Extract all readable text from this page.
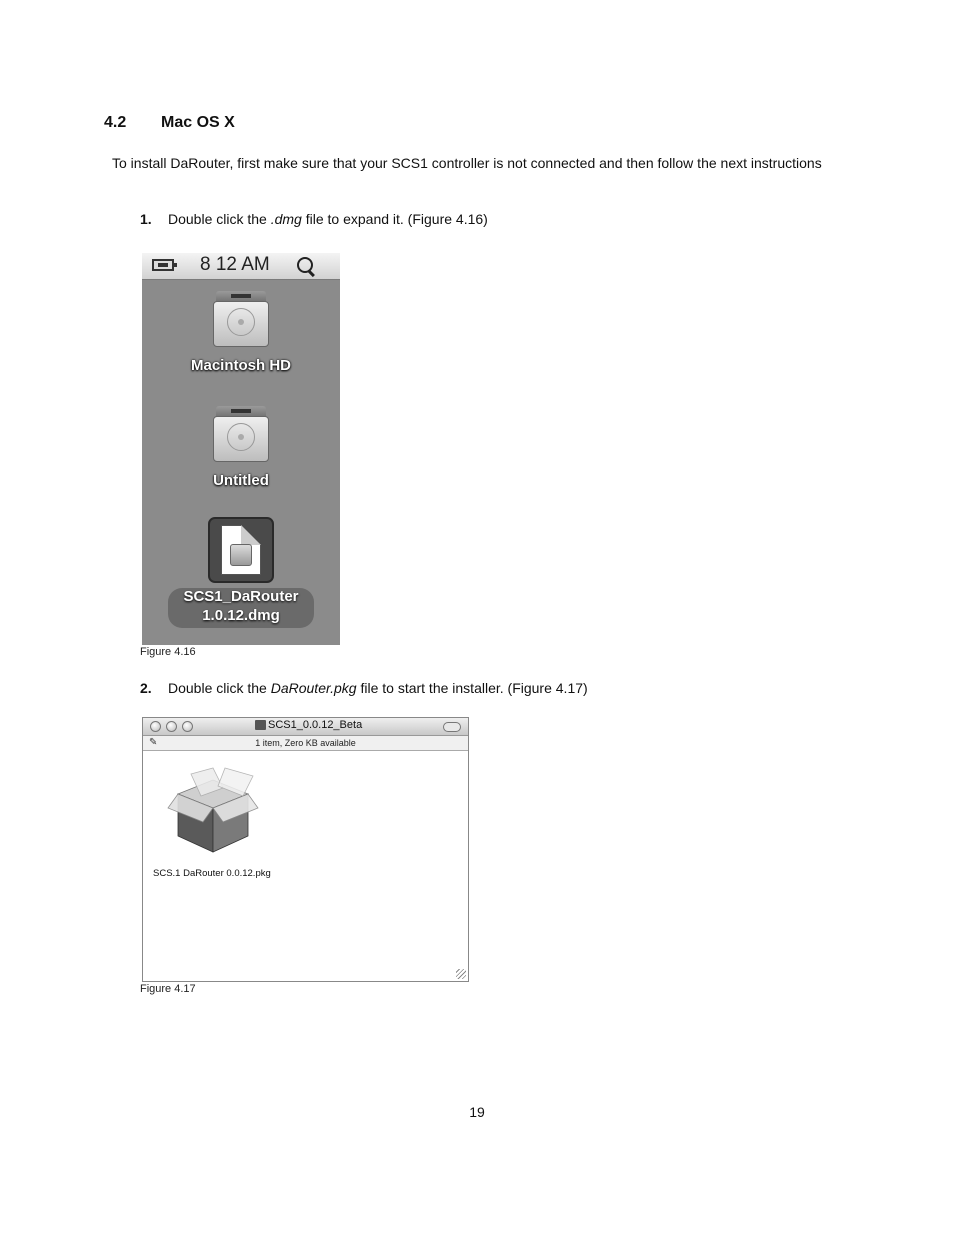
4.2	Mac OS X
To install DaRouter, first make sure that your SCS1 controller is not connected and then follow the next instructions
1.	Double click the .dmg file to expand it. (Figure 4.16)
8 12 AM
Macintosh HD
Untitled
SCS1_DaRouter
1.0.12.dmg
Figure 4.16
2.	Double click the DaRouter.pkg file to start the installer. (Figure 4.17)
SCS1_0.0.12_Beta
✎	1 item, Zero KB available
SCS.1 DaRouter 0.0.12.pkg
Figure 4.17
19
